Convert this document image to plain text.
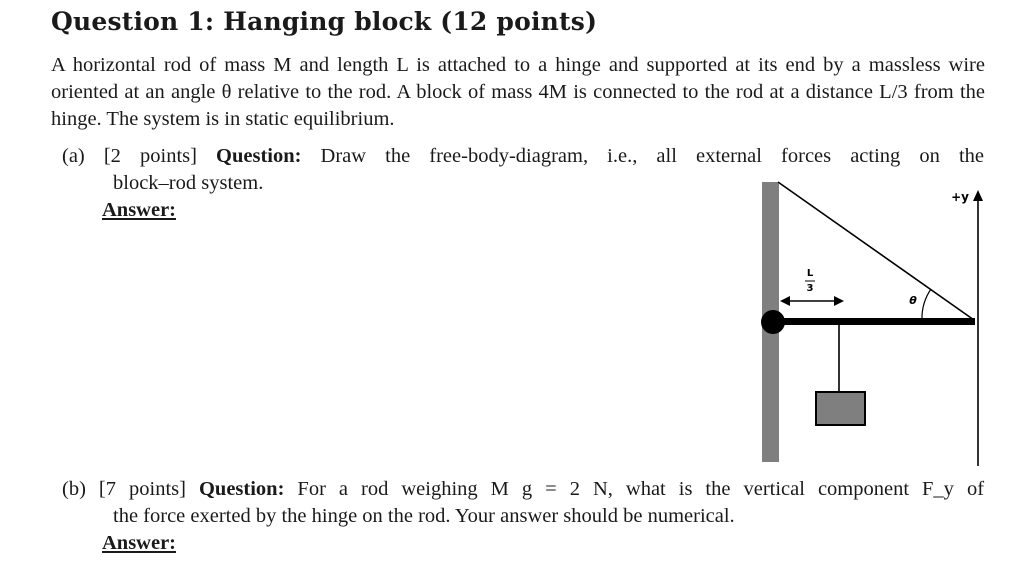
Question 1: Hanging block (12 points)

A horizontal rod of mass M and length L is attached to a hinge and supported at its end by a massless wire oriented at an angle θ relative to the rod. A block of mass 4M is connected to the rod at a distance L/3 from the hinge. The system is in static equilibrium.

(a) [2 points] Question: Draw the free-body-diagram, i.e., all external forces acting on the

block–rod system.

Answer:

L
3
θ
+y

(b) [7 points] Question: For a rod weighing M g = 2 N, what is the vertical component F_y of

the force exerted by the hinge on the rod. Your answer should be numerical.

Answer:
